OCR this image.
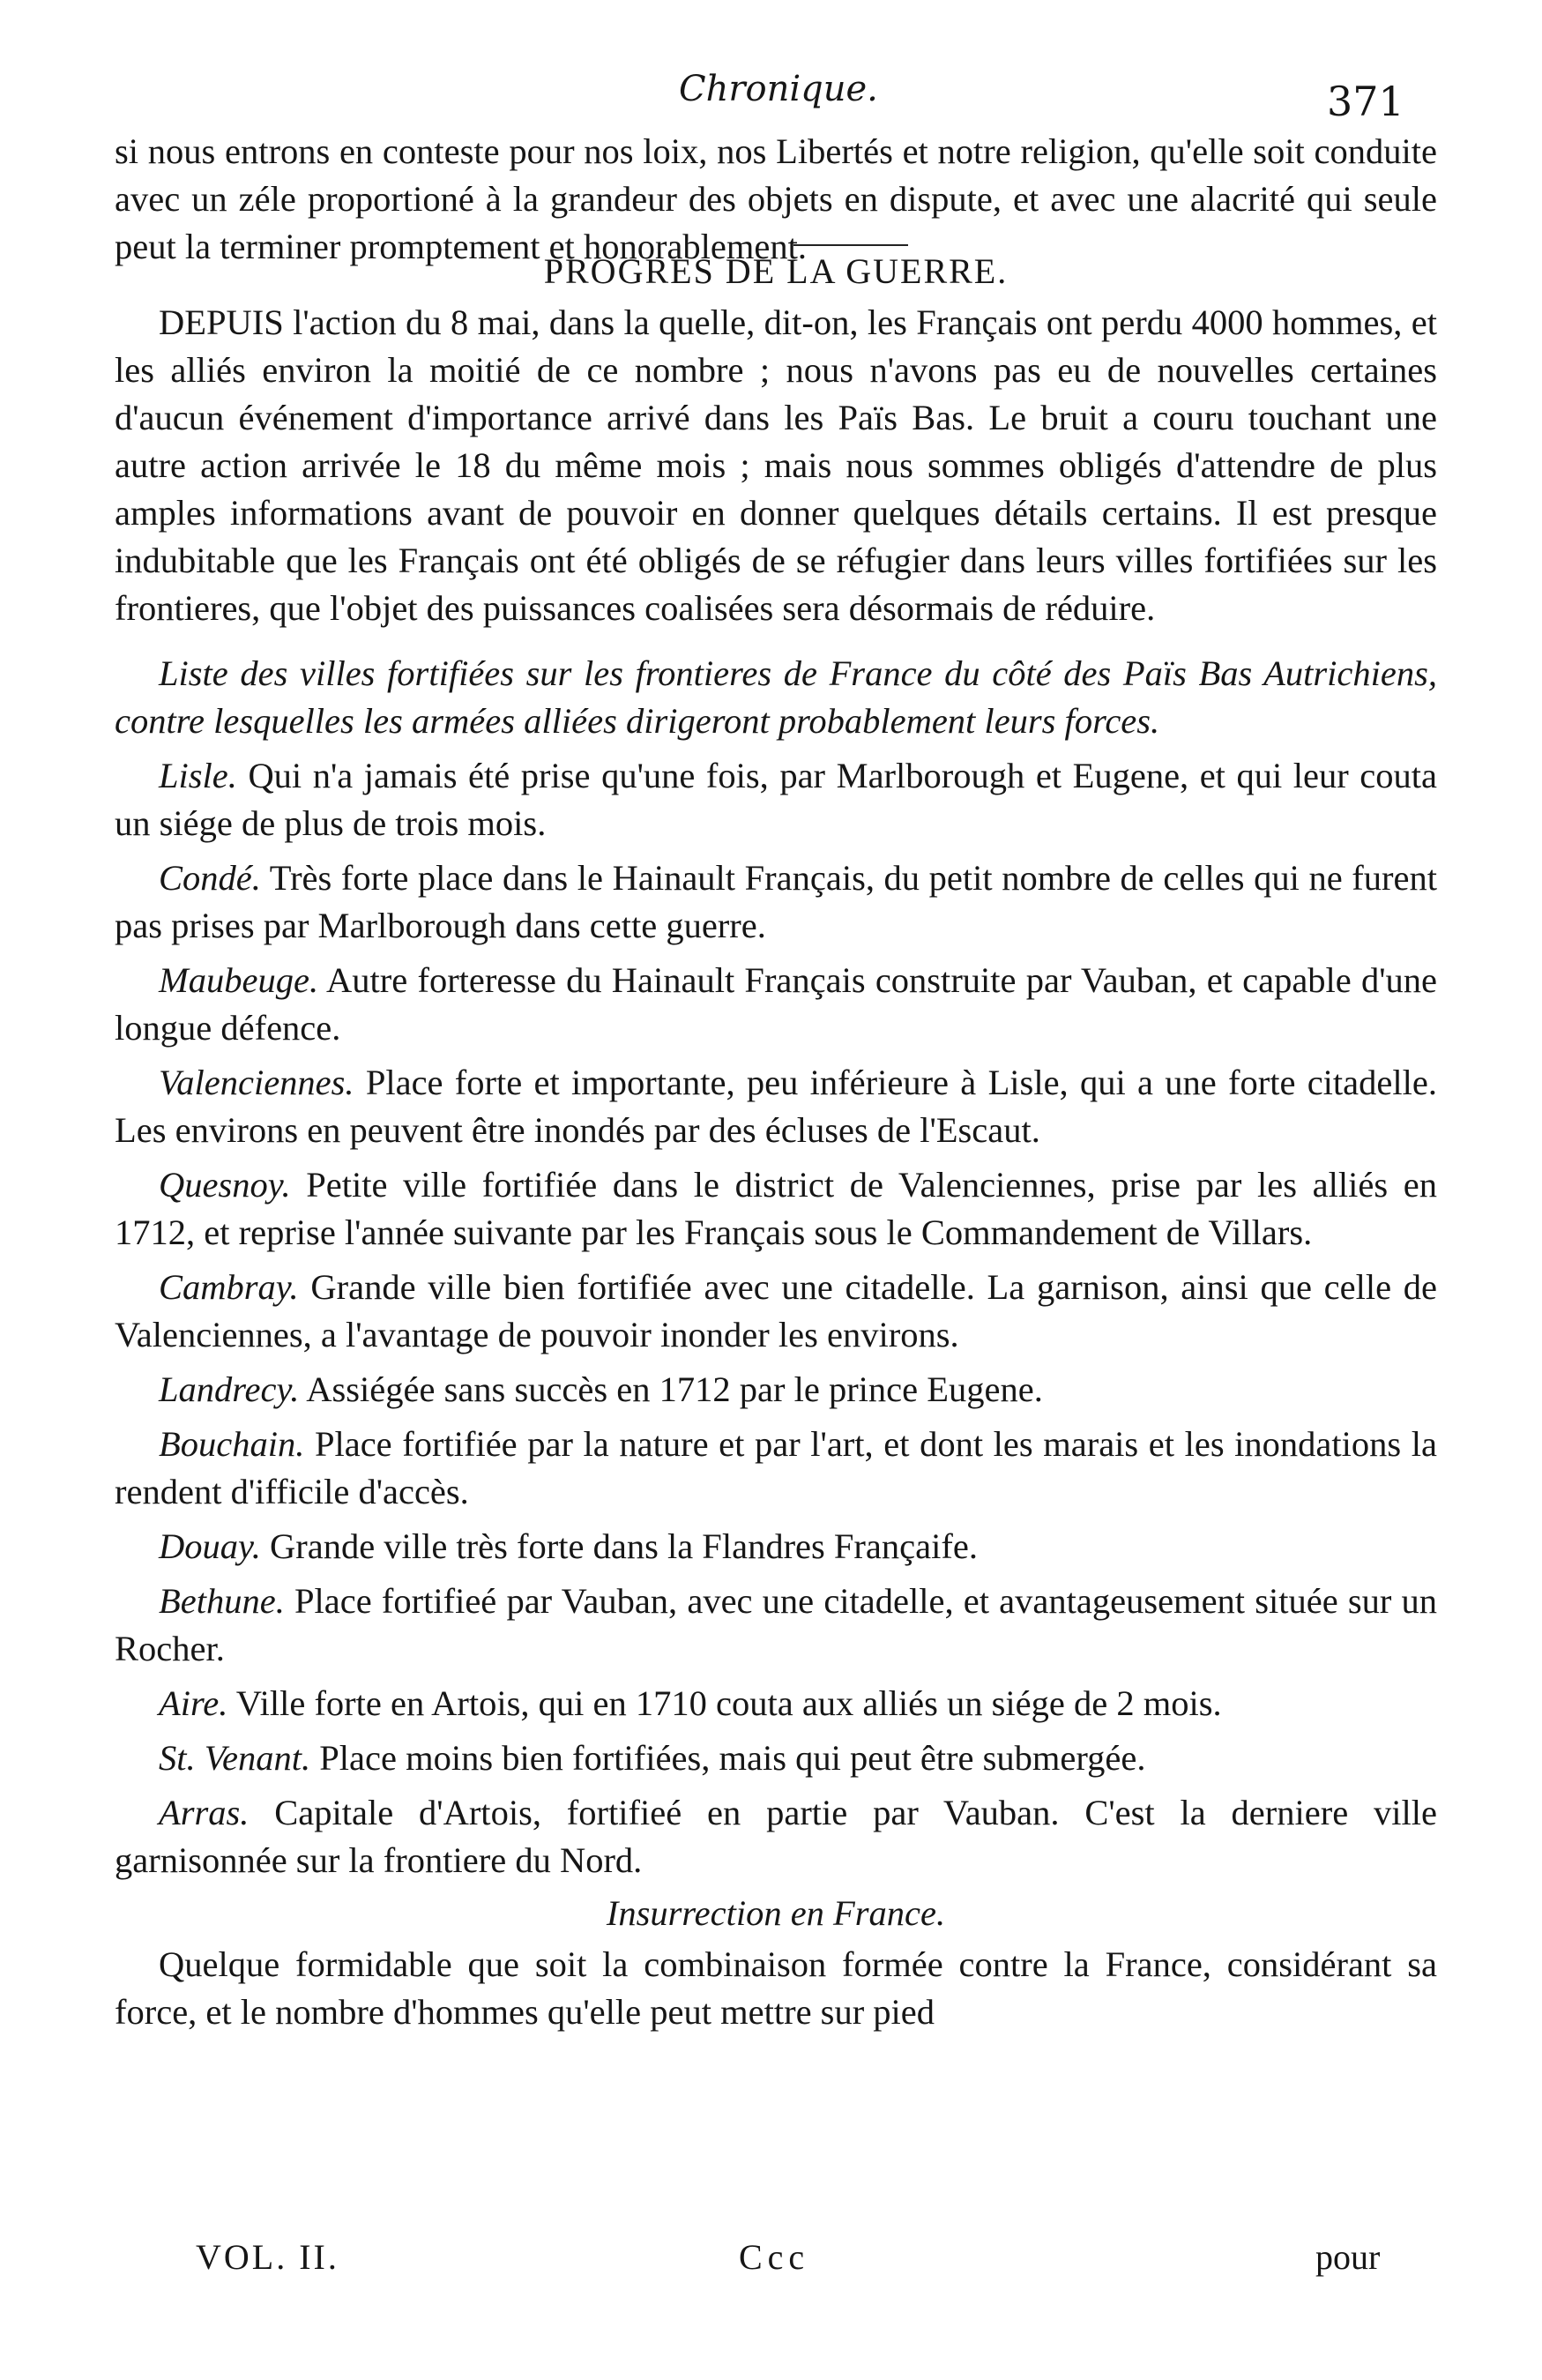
Chronique.	371

si nous entrons en conteste pour nos loix, nos Libertés et notre religion, qu'elle soit conduite avec un zéle proportioné à la grandeur des objets en dispute, et avec une alacrité qui seule peut la terminer promptement et honorablement.

PROGRES DE LA GUERRE.

DEPUIS l'action du 8 mai, dans la quelle, dit-on, les Français ont perdu 4000 hommes, et les alliés environ la moitié de ce nombre ; nous n'avons pas eu de nouvelles certaines d'aucun événement d'importance arrivé dans les Païs Bas. Le bruit a couru touchant une autre action arrivée le 18 du même mois ; mais nous sommes obligés d'attendre de plus amples informations avant de pouvoir en donner quelques détails certains. Il est presque indubitable que les Français ont été obligés de se réfugier dans leurs villes fortifiées sur les frontieres, que l'objet des puissances coalisées sera désormais de réduire.

Liste des villes fortifiées sur les frontieres de France du côté des Païs Bas Autrichiens, contre lesquelles les armées alliées dirigeront probablement leurs forces.

Lisle. Qui n'a jamais été prise qu'une fois, par Marlborough et Eugene, et qui leur couta un siége de plus de trois mois.

Condé. Très forte place dans le Hainault Français, du petit nombre de celles qui ne furent pas prises par Marlborough dans cette guerre.

Maubeuge. Autre forteresse du Hainault Français construite par Vauban, et capable d'une longue défence.

Valenciennes. Place forte et importante, peu inférieure à Lisle, qui a une forte citadelle. Les environs en peuvent être inondés par des écluses de l'Escaut.

Quesnoy. Petite ville fortifiée dans le district de Valenciennes, prise par les alliés en 1712, et reprise l'année suivante par les Français sous le Commandement de Villars.

Cambray. Grande ville bien fortifiée avec une citadelle. La garnison, ainsi que celle de Valenciennes, a l'avantage de pouvoir inonder les environs.

Landrecy. Assiégée sans succès en 1712 par le prince Eugene.

Bouchain. Place fortifiée par la nature et par l'art, et dont les marais et les inondations la rendent d'ifficile d'accès.

Douay. Grande ville très forte dans la Flandres Françaife.

Bethune. Place fortifieé par Vauban, avec une citadelle, et avantageusement située sur un Rocher.

Aire. Ville forte en Artois, qui en 1710 couta aux alliés un siége de 2 mois.

St. Venant. Place moins bien fortifiées, mais qui peut être submergée.

Arras. Capitale d'Artois, fortifieé en partie par Vauban. C'est la derniere ville garnisonnée sur la frontiere du Nord.

Insurrection en France.

Quelque formidable que soit la combinaison formée contre la France, considérant sa force, et le nombre d'hommes qu'elle peut mettre sur pied

VOL. II.	Ccc	pour
